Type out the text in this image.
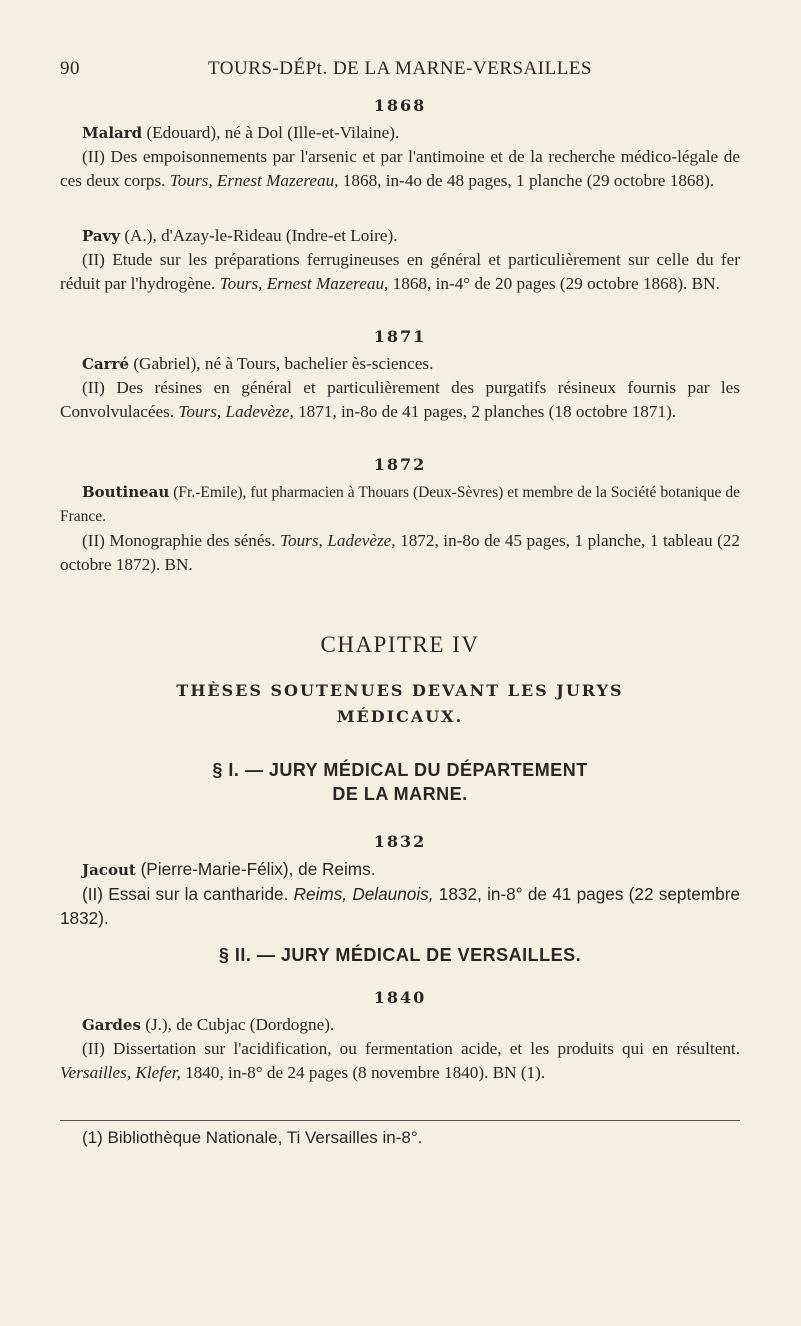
90	TOURS-DÉPt. DE LA MARNE-VERSAILLES
1868

Malard (Edouard), né à Dol (Ille-et-Vilaine).

(II) Des empoisonnements par l'arsenic et par l'antimoine et de la recherche médico-légale de ces deux corps. Tours, Ernest Mazereau, 1868, in-4o de 48 pages, 1 planche (29 octobre 1868).

Pavy (A.), d'Azay-le-Rideau (Indre-et Loire).

(II) Etude sur les préparations ferrugineuses en général et particulièrement sur celle du fer réduit par l'hydrogène. Tours, Ernest Mazereau, 1868, in-4° de 20 pages (29 octobre 1868). BN.

1871

Carré (Gabriel), né à Tours, bachelier ès-sciences.

(II) Des résines en général et particulièrement des purgatifs résineux fournis par les Convolvulacées. Tours, Ladevèze, 1871, in-8o de 41 pages, 2 planches (18 octobre 1871).

1872

Boutineau (Fr.-Emile), fut pharmacien à Thouars (Deux-Sèvres) et membre de la Société botanique de France.

(II) Monographie des sénés. Tours, Ladevèze, 1872, in-8o de 45 pages, 1 planche, 1 tableau (22 octobre 1872). BN.

CHAPITRE IV
THÈSES SOUTENUES DEVANT LES JURYS
MÉDICAUX.
§ I. — JURY MÉDICAL DU DÉPARTEMENT
DE LA MARNE.
1832

Jacout (Pierre-Marie-Félix), de Reims.

(II) Essai sur la cantharide. Reims, Delaunois, 1832, in-8° de 41 pages (22 septembre 1832).

§ II. — JURY MÉDICAL DE VERSAILLES.
1840

Gardes (J.), de Cubjac (Dordogne).

(II) Dissertation sur l'acidification, ou fermentation acide, et les produits qui en résultent. Versailles, Klefer, 1840, in-8° de 24 pages (8 novembre 1840). BN (1).

(1) Bibliothèque Nationale, Ti Versailles in-8°.
